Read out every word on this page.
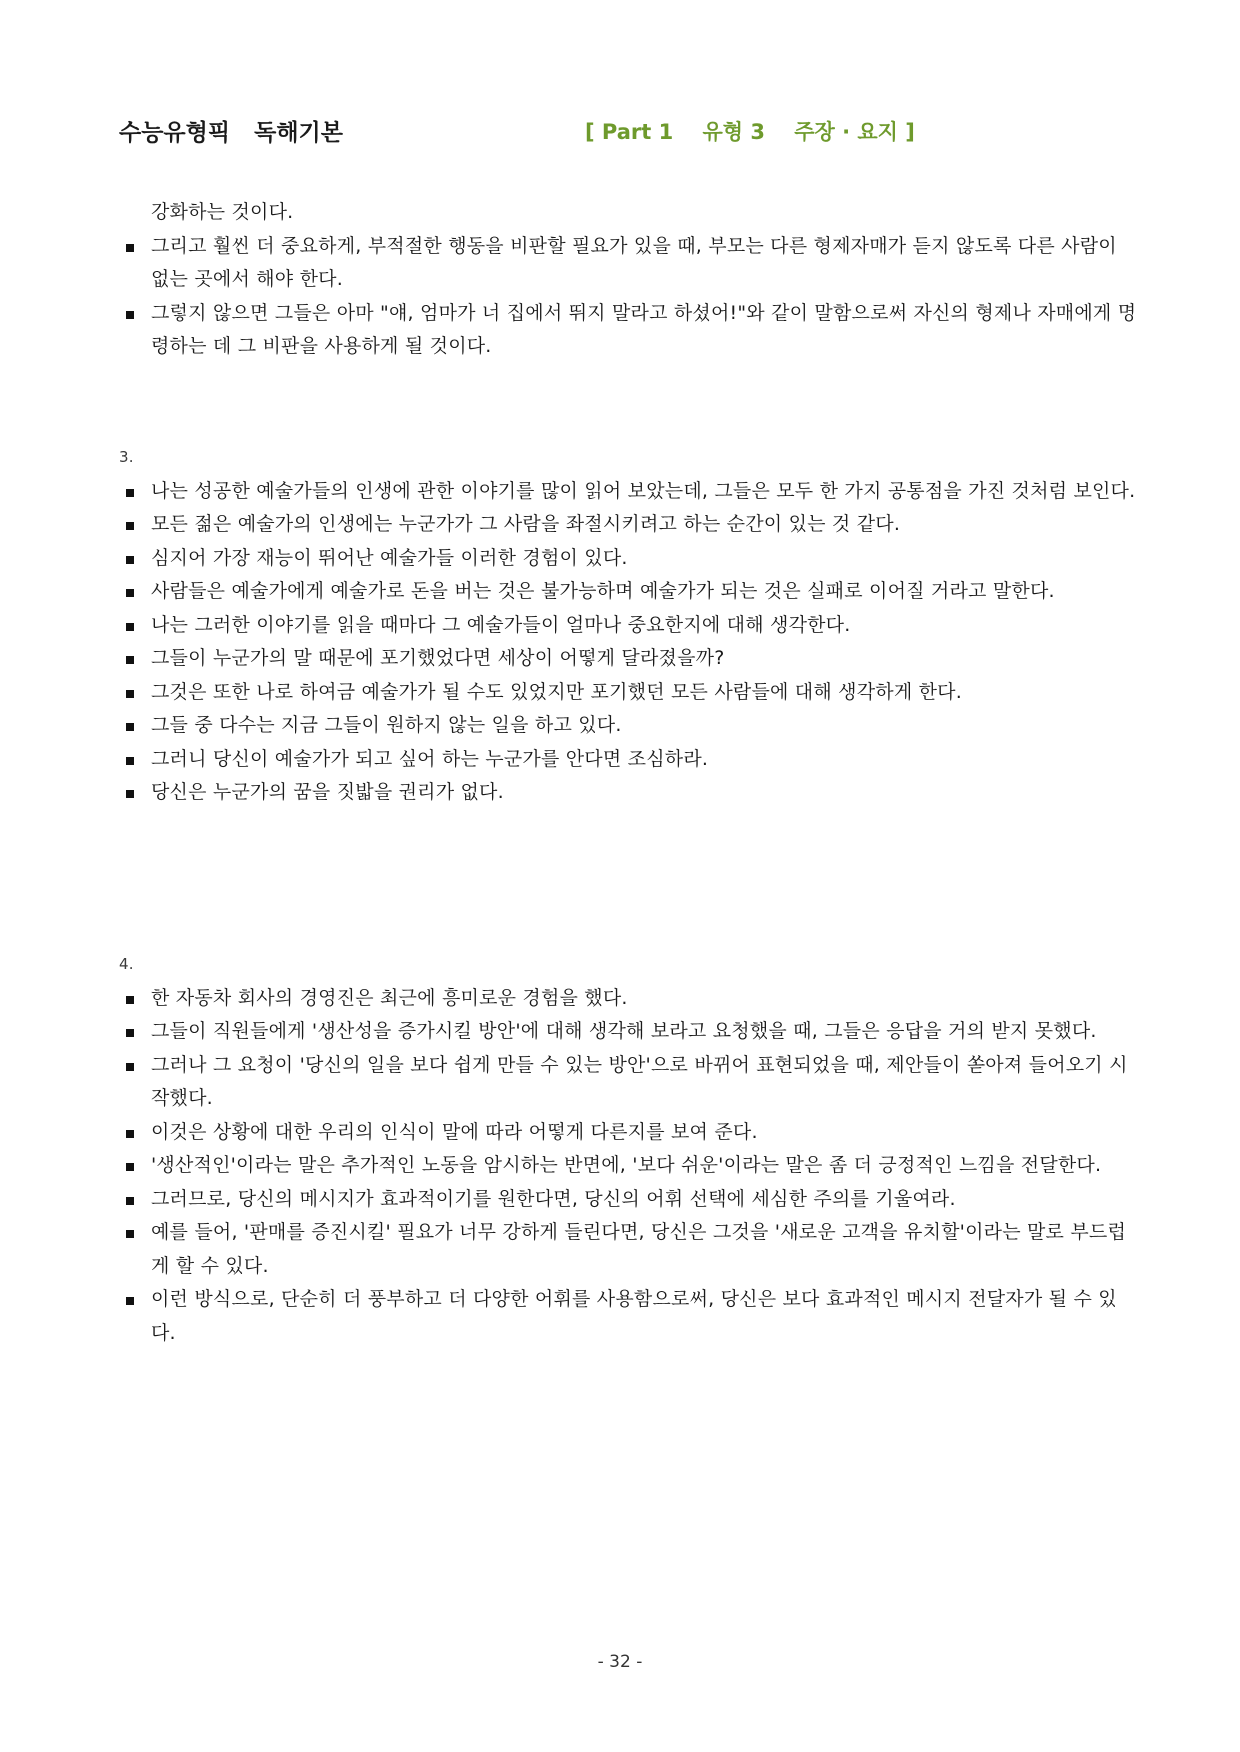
수능유형픽   독해기본	[ Part 1    유형 3    주장 · 요지 ]

강화하는 것이다.

그리고 훨씬 더 중요하게, 부적절한 행동을 비판할 필요가 있을 때, 부모는 다른 형제자매가 듣지 않도록 다른 사람이 없는 곳에서 해야 한다.
그렇지 않으면 그들은 아마 "얘, 엄마가 너 집에서 뛰지 말라고 하셨어!"와 같이 말함으로써 자신의 형제나 자매에게 명령하는 데 그 비판을 사용하게 될 것이다.

3.

나는 성공한 예술가들의 인생에 관한 이야기를 많이 읽어 보았는데, 그들은 모두 한 가지 공통점을 가진 것처럼 보인다.
모든 젊은 예술가의 인생에는 누군가가 그 사람을 좌절시키려고 하는 순간이 있는 것 같다.
심지어 가장 재능이 뛰어난 예술가들 이러한 경험이 있다.
사람들은 예술가에게 예술가로 돈을 버는 것은 불가능하며 예술가가 되는 것은 실패로 이어질 거라고 말한다.
나는 그러한 이야기를 읽을 때마다 그 예술가들이 얼마나 중요한지에 대해 생각한다.
그들이 누군가의 말 때문에 포기했었다면 세상이 어떻게 달라졌을까?
그것은 또한 나로 하여금 예술가가 될 수도 있었지만 포기했던 모든 사람들에 대해 생각하게 한다.
그들 중 다수는 지금 그들이 원하지 않는 일을 하고 있다.
그러니 당신이 예술가가 되고 싶어 하는 누군가를 안다면 조심하라.
당신은 누군가의 꿈을 짓밟을 권리가 없다.

4.

한 자동차 회사의 경영진은 최근에 흥미로운 경험을 했다.
그들이 직원들에게 '생산성을 증가시킬 방안'에 대해 생각해 보라고 요청했을 때, 그들은 응답을 거의 받지 못했다.
그러나 그 요청이 '당신의 일을 보다 쉽게 만들 수 있는 방안'으로 바뀌어 표현되었을 때, 제안들이 쏟아져 들어오기 시작했다.
이것은 상황에 대한 우리의 인식이 말에 따라 어떻게 다른지를 보여 준다.
'생산적인'이라는 말은 추가적인 노동을 암시하는 반면에, '보다 쉬운'이라는 말은 좀 더 긍정적인 느낌을 전달한다.
그러므로, 당신의 메시지가 효과적이기를 원한다면, 당신의 어휘 선택에 세심한 주의를 기울여라.
예를 들어, '판매를 증진시킬' 필요가 너무 강하게 들린다면, 당신은 그것을 '새로운 고객을 유치할'이라는 말로 부드럽게 할 수 있다.
이런 방식으로, 단순히 더 풍부하고 더 다양한 어휘를 사용함으로써, 당신은 보다 효과적인 메시지 전달자가 될 수 있다.
- 32 -
